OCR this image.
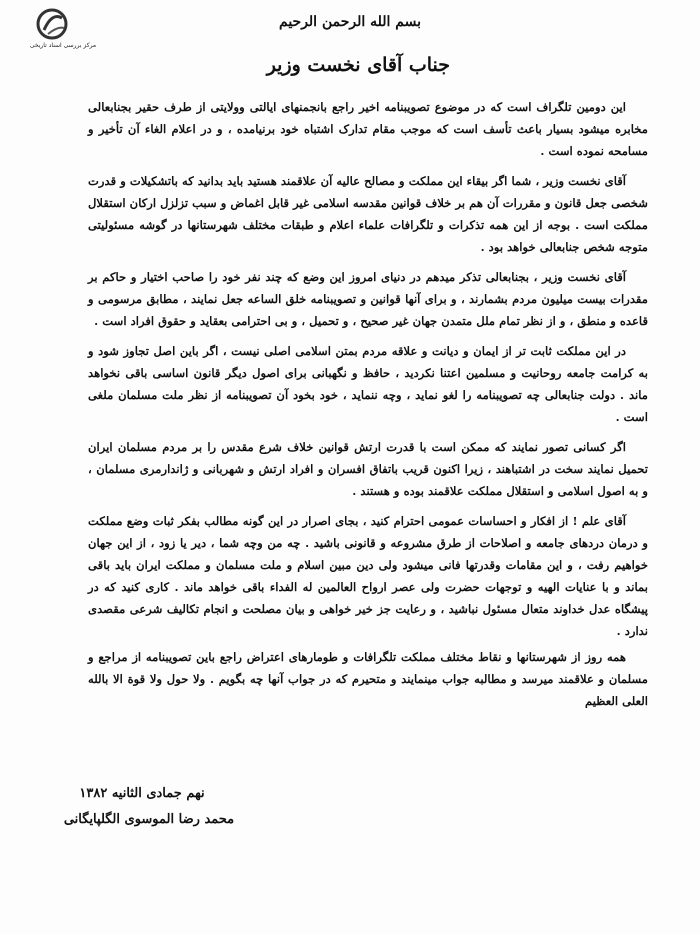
مرکز بررسی اسناد تاریخی
بسم الله الرحمن الرحیم
جناب آقای نخست وزیر

این دومین تلگراف است که در موضوع تصویبنامه اخیر راجع بانجمنهای ایالتی وولایتی از طرف حقیر بجنابعالی مخابره میشود بسیار باعث تأسف است که موجب مقام تدارک اشتباه خود برنیامده ، و در اعلام الغاء آن تأخیر و مسامحه نموده است .

آقای نخست وزیر ، شما اگر بیقاء این مملکت و مصالح عالیه آن علاقمند هستید باید بدانید که باتشکیلات و قدرت شخصی جعل قانون و مقررات آن هم بر خلاف قوانین مقدسه اسلامی غیر قابل اغماض و سبب تزلزل ارکان استقلال مملکت است . بوجه از این همه تذکرات و تلگرافات علماء اعلام و طبقات مختلف شهرستانها در گوشه مسئولیتی متوجه شخص جنابعالی خواهد بود .

آقای نخست وزیر ، بجنابعالی تذکر میدهم در دنیای امروز این وضع که چند نفر خود را صاحب اختیار و حاکم بر مقدرات بیست میلیون مردم بشمارند ، و برای آنها قوانین و تصویبنامه خلق الساعه جعل نمایند ، مطابق مرسومی و قاعده و منطق ، و از نظر تمام ملل متمدن جهان غیر صحیح ، و تحمیل ، و بی احترامی بعقاید و حقوق افراد است .

در این مملکت ثابت تر از ایمان و دیانت و علاقه مردم بمتن اسلامی اصلی نیست ، اگر باین اصل تجاوز شود و به کرامت جامعه روحانیت و مسلمین اعتنا نکردید ، حافظ و نگهبانی برای اصول دیگر قانون اساسی باقی نخواهد ماند . دولت جنابعالی چه تصویبنامه را لغو نماید ، وچه ننماید ، خود بخود آن تصویبنامه از نظر ملت مسلمان ملغی است .

اگر کسانی تصور نمایند که ممکن است با قدرت ارتش قوانین خلاف شرع مقدس را بر مردم مسلمان ایران تحمیل نمایند سخت در اشتباهند ، زیرا اکنون قریب باتفاق افسران و افراد ارتش و شهربانی و ژاندارمری مسلمان ، و به اصول اسلامی و استقلال مملکت علاقمند بوده و هستند .

آقای علم ! از افکار و احساسات عمومی احترام کنید ، بجای اصرار در این گونه مطالب بفکر ثبات وضع مملکت و درمان دردهای جامعه و اصلاحات از طرق مشروعه و قانونی باشید . چه من وچه شما ، دیر یا زود ، از این جهان خواهیم رفت ، و این مقامات وقدرتها فانی میشود ولی دین مبین اسلام و ملت مسلمان و مملکت ایران باید باقی بماند و با عنایات الهیه و توجهات حضرت ولی عصر ارواح العالمین له الفداء باقی خواهد ماند . کاری کنید که در پیشگاه عدل خداوند متعال مسئول نباشید ، و رعایت جز خیر خواهی و بیان مصلحت و انجام تکالیف شرعی مقصدی ندارد .

همه روز از شهرستانها و نقاط مختلف مملکت تلگرافات و طومارهای اعتراض راجع باین تصویبنامه از مراجع و مسلمان و علاقمند میرسد و مطالبه جواب مینمایند و متحیرم که در جواب آنها چه بگویم . ولا حول ولا قوة الا بالله العلی العظیم

نهم جمادی الثانیه ۱۳۸۲
محمد رضا الموسوی الگلپایگانی
